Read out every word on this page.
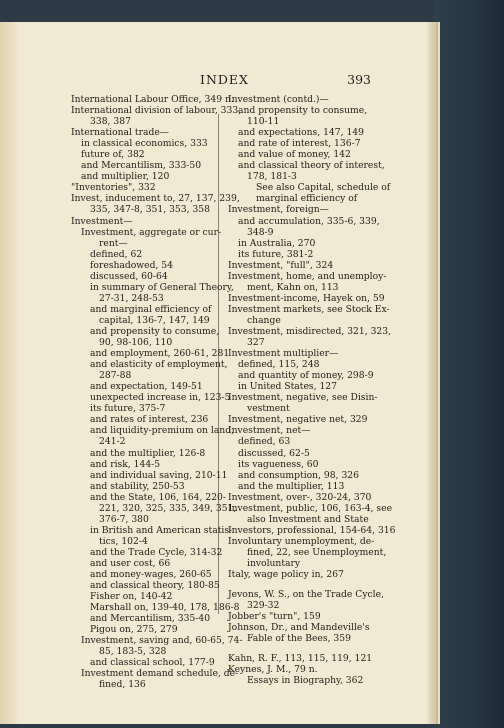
INDEX	393
International Labour Office, 349 n.
International division of labour, 333,
338, 387
International trade—
in classical economics, 333
future of, 382
and Mercantilism, 333-50
and multiplier, 120
"Inventories", 332
Invest, inducement to, 27, 137, 239,
335, 347-8, 351, 353, 358
Investment—
Investment, aggregate or cur-
rent—
defined, 62
foreshadowed, 54
discussed, 60-64
in summary of General Theory,
27-31, 248-53
and marginal efficiency of
capital, 136-7, 147, 149
and propensity to consume,
90, 98-106, 110
and employment, 260-61, 281
and elasticity of employment,
287-88
and expectation, 149-51
unexpected increase in, 123-5
its future, 375-7
and rates of interest, 236
and liquidity-premium on land,
241-2
and the multiplier, 126-8
and risk, 144-5
and individual saving, 210-11
and stability, 250-53
and the State, 106, 164, 220-
221, 320, 325, 335, 349, 351,
376-7, 380
in British and American statis-
tics, 102-4
and the Trade Cycle, 314-32
and user cost, 66
and money-wages, 260-65
and classical theory, 180-85
Fisher on, 140-42
Marshall on, 139-40, 178, 186-8
and Mercantilism, 335-40
Pigou on, 275, 279
Investment, saving and, 60-65, 74-
85, 183-5, 328
and classical school, 177-9
Investment demand schedule, de-
fined, 136
Investment (contd.)—
and propensity to consume,
110-11
and expectations, 147, 149
and rate of interest, 136-7
and value of money, 142
and classical theory of interest,
178, 181-3
See also Capital, schedule of
marginal efficiency of
Investment, foreign—
and accumulation, 335-6, 339,
348-9
in Australia, 270
its future, 381-2
Investment, "full", 324
Investment, home, and unemploy-
ment, Kahn on, 113
Investment-income, Hayek on, 59
Investment markets, see Stock Ex-
change
Investment, misdirected, 321, 323,
327
Investment multiplier—
defined, 115, 248
and quantity of money, 298-9
in United States, 127
Investment, negative, see Disin-
vestment
Investment, negative net, 329
Investment, net—
defined, 63
discussed, 62-5
its vagueness, 60
and consumption, 98, 326
and the multiplier, 113
Investment, over-, 320-24, 370
Investment, public, 106, 163-4, see
also Investment and State
Investors, professional, 154-64, 316
Involuntary unemployment, de-
fined, 22, see Unemployment,
involuntary
Italy, wage policy in, 267
Jevons, W. S., on the Trade Cycle,
329-32
Jobber's "turn", 159
Johnson, Dr., and Mandeville's
Fable of the Bees, 359
Kahn, R. F., 113, 115, 119, 121
Keynes, J. M., 79 n.
Essays in Biography, 362
